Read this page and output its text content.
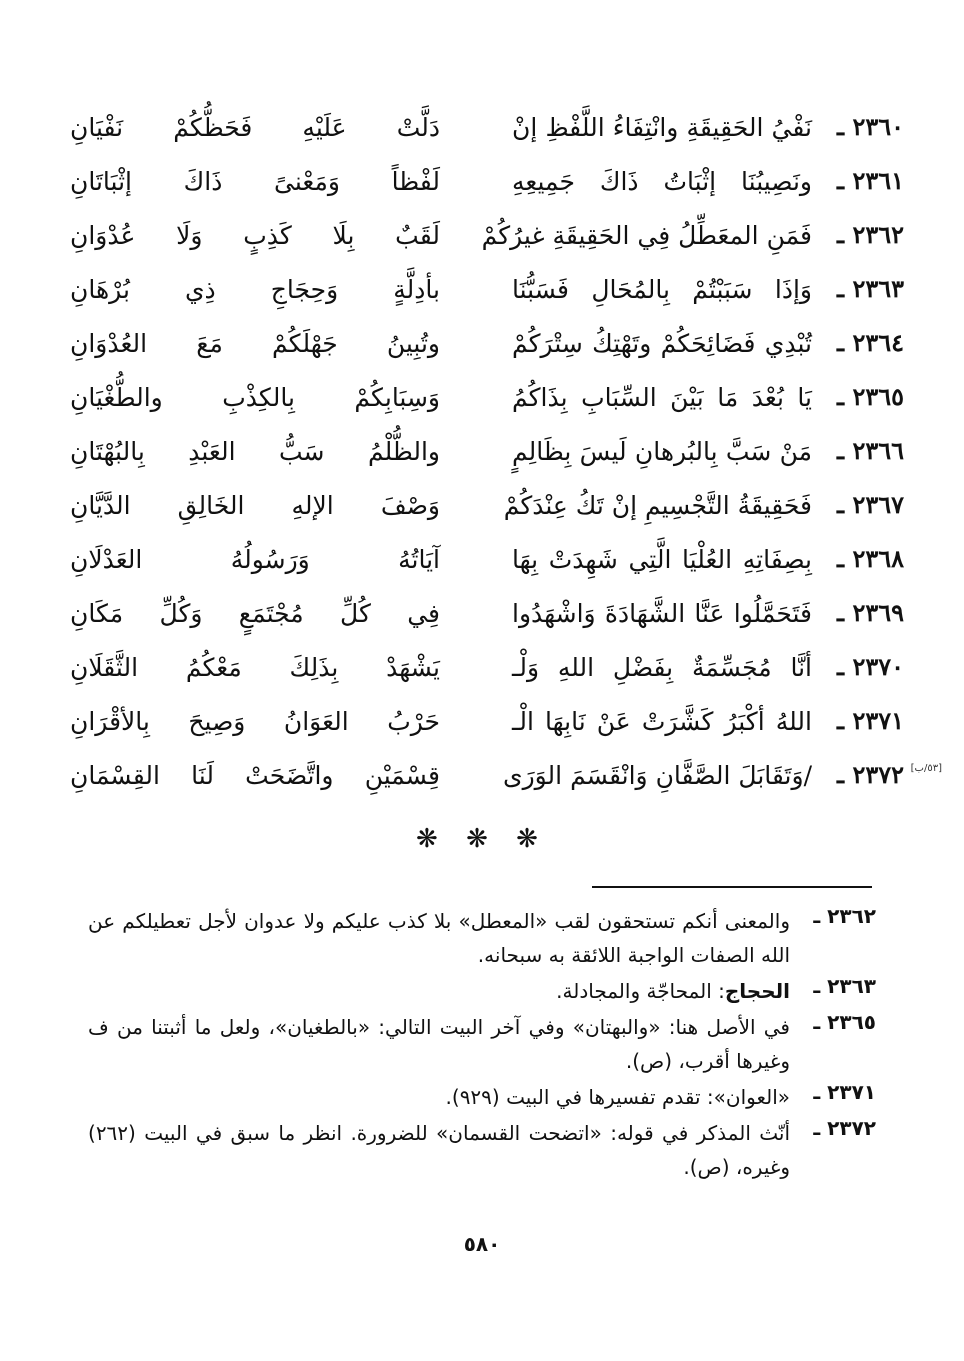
٢٣٦٠ ـ
نَفْيُ الحَقِيقَةِ وانْتِفَاءُ اللَّفْظِ إنْ
دَلَّتْ عَلَيْهِ فَحَظُّكُمْ نَفْيَانِ
٢٣٦١ ـ
ونَصِيبُنَا إثْبَاتُ ذَاكَ جَمِيعِهِ
لَفْظاً وَمَعْنىً ذَاكَ إثْبَاتَانِ
٢٣٦٢ ـ
فَمَنِ المعَطِّلُ فِي الحَقِيقَةِ غيرُكُمْ
لَقَبٌ بِلَا كَذِبٍ وَلَا عُدْوَانِ
٢٣٦٣ ـ
وَإذَا سَبَبْتُمْ بِالمُحَالِ فَسَبُّنَا
بأدِلَّةٍ وَحِجَاجِ ذِي بُرْهَانِ
٢٣٦٤ ـ
تُبْدِي فَضَائِحَكُمْ وتَهْتِكُ سِتْرَكُمْ
وتُبِينُ جَهْلَكُمْ مَعَ العُدْوَانِ
٢٣٦٥ ـ
يَا بُعْدَ مَا بَيْنَ السِّبَابِ بِذَاكُمُ
وَسِبَابِكُمْ بِالكِذْبِ والطُّغْيَانِ
٢٣٦٦ ـ
مَنْ سَبَّ بِالبُرهانِ لَيسَ بِظَالِمٍ
والظُّلْمُ سَبُّ العَبْدِ بِالبُهْتَانِ
٢٣٦٧ ـ
فَحَقِيقَةُ التَّجْسِيمِ إنْ تَكُ عِنْدَكُمْ
وَصْفَ الإلهِ الخَالِقِ الدَّيَّانِ
٢٣٦٨ ـ
بِصِفَاتِهِ العُلْيَا الَّتِي شَهِدَتْ بِهَا
آيَاتُهُ وَرَسُولُهُ العَدْلَانِ
٢٣٦٩ ـ
فَتَحَمَّلُوا عَنَّا الشَّهَادَةَ وَاشْهَدُوا
فِي كُلِّ مُجْتَمَعٍ وَكُلِّ مَكَانِ
٢٣٧٠ ـ
أنَّا مُجَسِّمَةٌ بِفَضْلِ اللهِ وَلْـ
يَشْهَدْ بِذَلِكَ مَعْكُمُ الثَّقَلَانِ
٢٣٧١ ـ
اللهُ أكْبَرُ كَشَّرَتْ عَنْ نَابِهَا الْـ
حَرْبُ العَوَانُ وَصِيحَ بِالأقْرَانِ
[٥٣/ب]
٢٣٧٢ ـ
/وَتَقَابَلَ الصَّفَّانِ وَانْقَسَمَ الوَرَى
قِسْمَيْنِ واتَّضَحَتْ لَنَا القِسْمَانِ
❋ ❋ ❋
٢٣٦٢ ـ
والمعنى أنكم تستحقون لقب «المعطل» بلا كذب عليكم ولا عدوان لأجل تعطيلكم عن الله الصفات الواجبة اللائقة به سبحانه.
٢٣٦٣ ـ
الحجاج: المحاجّة والمجادلة.
٢٣٦٥ ـ
في الأصل هنا: «والبهتان» وفي آخر البيت التالي: «بالطغيان»، ولعل ما أثبتنا من ف وغيرها أقرب، (ص).
٢٣٧١ ـ
«العوان»: تقدم تفسيرها في البيت (٩٢٩).
٢٣٧٢ ـ
أنّث المذكر في قوله: «اتضحت القسمان» للضرورة. انظر ما سبق في البيت (٢٦٢) وغيره، (ص).
٥٨٠
